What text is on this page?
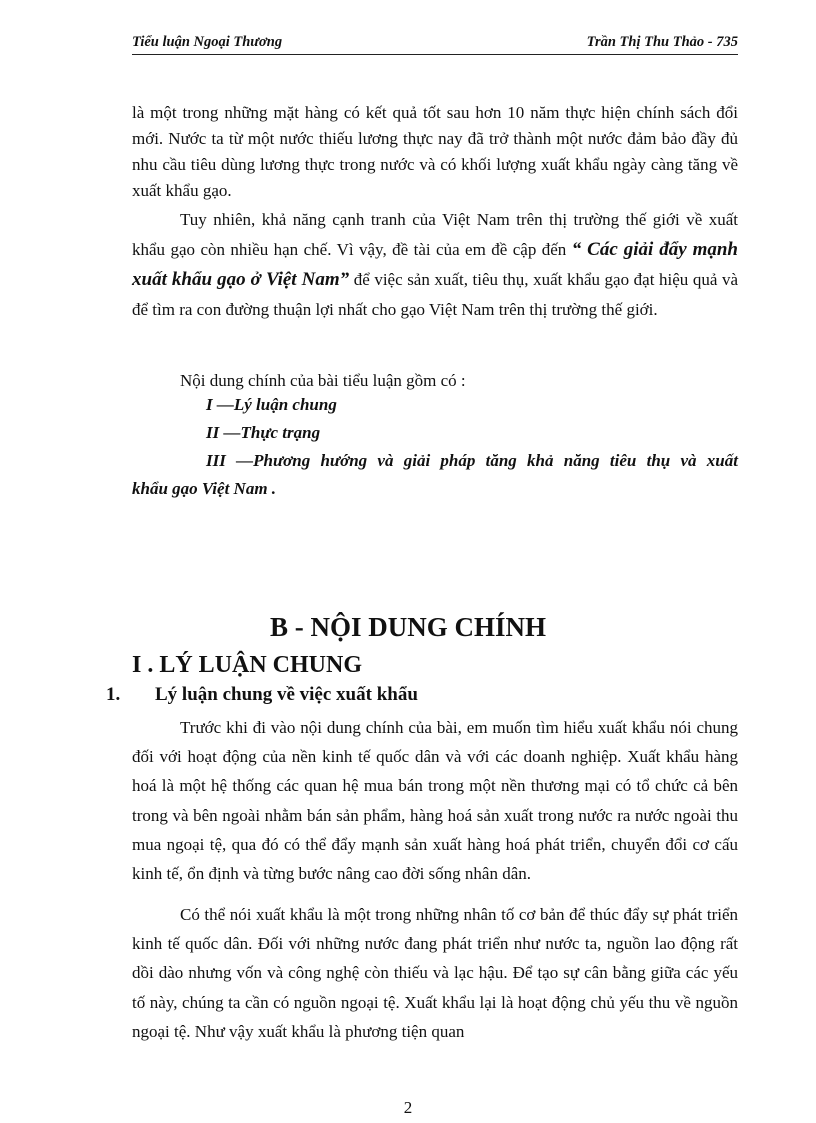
Tiểu luận Ngoại Thương	Trần Thị Thu Thảo - 735

là một trong những mặt hàng có kết quả tốt sau hơn 10 năm thực hiện chính sách đổi mới. Nước ta từ một nước thiếu lương thực nay đã trở thành một nước đảm bảo đầy đủ nhu cầu tiêu dùng lương thực trong nước và có khối lượng xuất khẩu ngày càng tăng về xuất khẩu gạo.

Tuy nhiên, khả năng cạnh tranh của Việt Nam trên thị trường thế giới về xuất khẩu gạo còn nhiều hạn chế. Vì vậy, đề tài của em đề cập đến “ Các giải đẩy mạnh xuất khẩu gạo ở Việt Nam” để việc sản xuất, tiêu thụ, xuất khẩu gạo đạt hiệu quả và để tìm ra con đường thuận lợi nhất cho gạo Việt Nam trên thị trường thế giới.

Nội dung chính của bài tiểu luận gồm có :

I —Lý luận chung
II —Thực trạng
III —Phương hướng và giải pháp tăng khả năng tiêu thụ và xuất
khẩu gạo Việt Nam .
B - NỘI DUNG CHÍNH
I . LÝ LUẬN CHUNG
1. Lý luận chung về việc xuất khẩu

Trước khi đi vào nội dung chính của bài, em muốn tìm hiểu xuất khẩu nói chung đối với hoạt động của nền kinh tế quốc dân và với các doanh nghiệp. Xuất khẩu hàng hoá là một hệ thống các quan hệ mua bán trong một nền thương mại có tổ chức cả bên trong và bên ngoài nhằm bán sản phẩm, hàng hoá sản xuất trong nước ra nước ngoài thu mua ngoại tệ, qua đó có thể đẩy mạnh sản xuất hàng hoá phát triển, chuyển đổi cơ cấu kinh tế, ổn định và từng bước nâng cao đời sống nhân dân.

Có thể nói xuất khẩu là một trong những nhân tố cơ bản để thúc đẩy sự phát triển kinh tế quốc dân. Đối với những nước đang phát triển như nước ta, nguồn lao động rất dồi dào nhưng vốn và công nghệ còn thiếu và lạc hậu. Để tạo sự cân bằng giữa các yếu tố này, chúng ta cần có nguồn ngoại tệ. Xuất khẩu lại là hoạt động chủ yếu thu về nguồn ngoại tệ. Như vậy xuất khẩu là phương tiện quan

2
